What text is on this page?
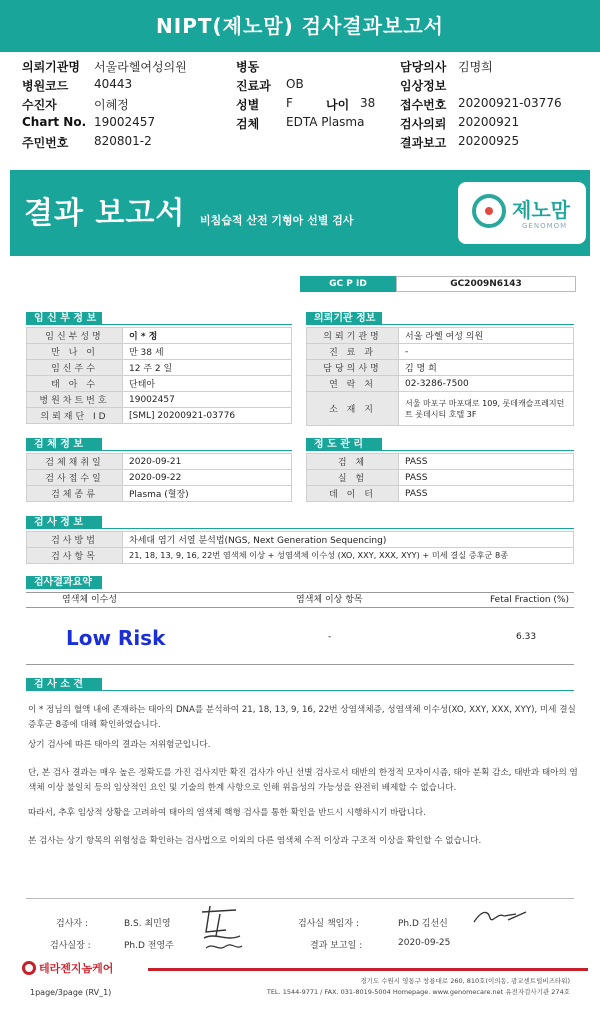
NIPT(제노맘) 검사결과보고서
의뢰기관명 서울라헬여성의원	병동	담당의사 김명희
병원코드 40443	진료과 OB	임상정보
수진자	이혜정	성별 F	나이 38 접수번호 20200921-03776
Chart No. 19002457	검체 EDTA Plasma	검사의뢰 20200921
주민번호 820801-2	결과보고 20200925
결과 보고서 비침습적 산전 기형아 선별 검사	제노맘
GENOMOM
GC P ID	GC2009N6143
임 신 부 정 보	의뢰기관 정보
임신부성명	이 * 정
만 나 이	만 38 세
임신주수	12 주 2 일
태 아 수	단태아
병원차트번호	19002457
의뢰재단 ID	[SML] 20200921-03776
의뢰기관명	서울 라헬 여성 의원
진 료 과	-
담당의사명	김 명 희
연 락 처	02-3286-7500
소 재 지	서울 마포구 마포대로 109, 롯데캐슬프레지던트 롯데시티 호텔 3F
검 체 정 보	정 도 관 리
검체채취일	2020-09-21
검사접수일	2020-09-22
검체종류	Plasma (혈장)
검 체	PASS
실 험	PASS
데 이 터	PASS
검 사 정 보
검사방법	차세대 염기 서열 분석법(NGS, Next Generation Sequencing)
검사항목	21, 18, 13, 9, 16, 22번 염색체 이상 + 성염색체 이수성 (XO, XXY, XXX, XYY) + 미세 결실 증후군 8종
검사결과요약
염색체 이수성	염색체 이상 항목	Fetal Fraction (%)
Low Risk	-	6.33
검 사 소 견
이 * 정님의 혈액 내에 존재하는 태아의 DNA를 분석하여 21, 18, 13, 9, 16, 22번 상염색체증, 성염색체 이수성(XO, XXY, XXX, XYY), 미세 결실 증후군 8종에 대해 확인하였습니다.
상기 검사에 따른 태아의 결과는 저위험군입니다.
단, 본 검사 결과는 매우 높은 정확도를 가진 검사지만 확진 검사가 아닌 선별 검사로서 태반의 한정적 모자이시즘, 태아 분획 감소, 태반과 태아의 염색체 이상 불일치 등의 임상적인 요인 및 기술의 한계 사항으로 인해 위음성의 가능성을 완전히 배제할 수 없습니다.
따라서, 추후 임상적 상황을 고려하여 태아의 염색체 핵형 검사를 통한 확인을 반드시 시행하시기 바랍니다.
본 검사는 상기 항목의 위험성을 확인하는 검사법으로 이외의 다른 염색체 수적 이상과 구조적 이상을 확인할 수 없습니다.
검사자 :	B.S. 최민영
검사실장 :	Ph.D 전영주
검사실 책임자 :	Ph.D 김선신
결과 보고일 :	2020-09-25
테라젠지놈케어
경기도 수원시 영통구 창룡대로 260, 810호(이의동, 광교센트럴비즈타워)
TEL. 1544-9771 / FAX. 031-8019-5004 Homepage. www.genomecare.net 유전자검사기관 274호
1page/3page (RV_1)
